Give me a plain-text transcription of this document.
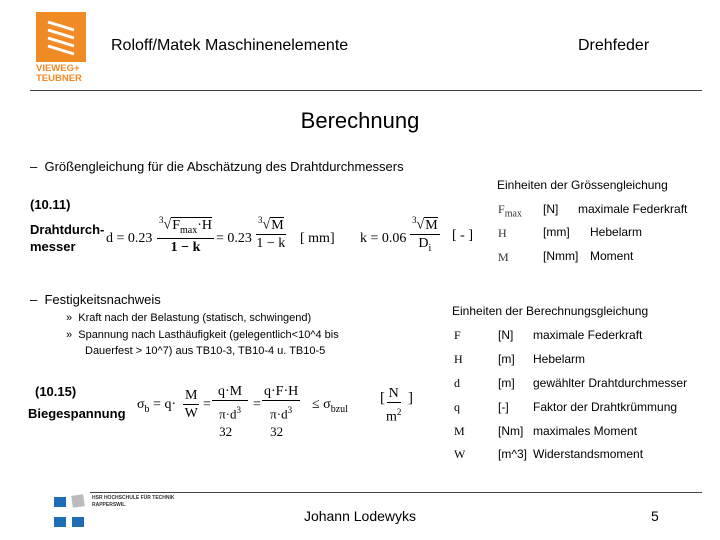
VIEWEG+
TEUBNER
Roloff/Matek Maschinenelemente	Drehfeder
Berechnung
–  Größengleichung für die Abschätzung des Drahtdurchmessers
(10.11)
Drahtdurch-
messer
d = 0.23
$^3√F_{max}\cdot H$
1 − k
= $0.23 \frac{^3√M}{1 - k}$ [ mm] $k = 0.06 \frac{^3√M}{D_i}$ [ - ]
Einheiten der Grössengleichung
$F_{max}$ [N] maximale Federkraft
H	[mm] Hebelarm
M	[Nmm] Moment
–  Festigkeitsnachweis
»  Kraft nach der Belastung (statisch, schwingend)
»  Spannung nach Lasthäufigkeit (gelegentlich<10^4 bis
Dauerfest > 10^7) aus TB10-3, TB10-4 u. TB10-5
(10.15)
Biegespannung
$\sigma_b = q\cdot \frac{M}{W}$ =
q·M
$\pi\cdot d^3$
32
=
q·F·H
$\pi\cdot d^3$
32
≤ $\sigma_{bzul}$
[ $\frac{N}{m^2}$ ]
Einheiten der Berechnungsgleichung
F	[N] maximale Federkraft
H	[m] Hebelarm
d	[m] gewählter Drahtdurchmesser
q	[-] Faktor der Drahtkrümmung
M	[Nm] maximales Moment
W	[m^3] Widerstandsmoment
HSR HOCHSCHULE FÜR TECHNIK RAPPERSWIL
Johann Lodewyks	5
